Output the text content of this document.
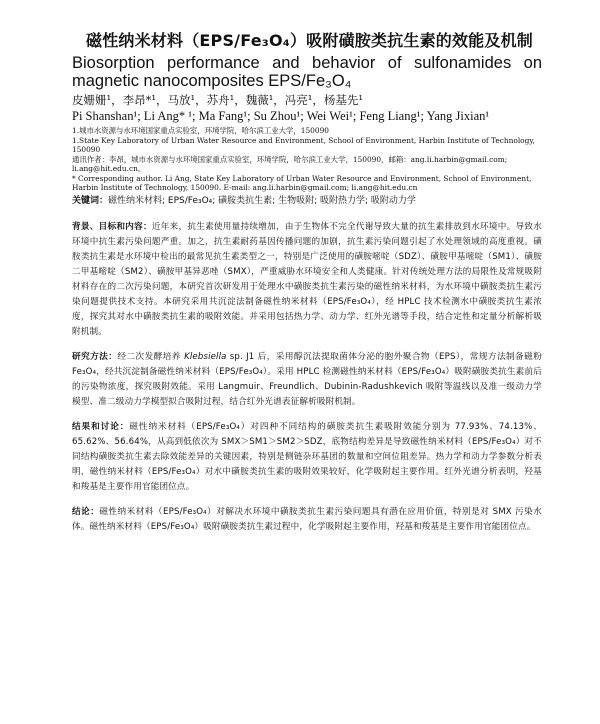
磁性纳米材料（EPS/Fe₃O₄）吸附磺胺类抗生素的效能及机制
Biosorption performance and behavior of sulfonamides on magnetic nanocomposites EPS/Fe₃O₄
皮姗姗¹，李昂*¹，马放¹，苏舟¹，魏薇¹，冯亮¹，杨基先¹
Pi Shanshan¹; Li Ang* ¹; Ma Fang¹; Su Zhou¹; Wei Wei¹; Feng Liang¹; Yang Jixian¹

1.城市水资源与水环境国家重点实验室，环境学院，哈尔滨工业大学，150090

1.State Key Laboratory of Urban Water Resource and Environment, School of Environment, Harbin Institute of Technology, 150090

通讯作者：李昂，城市水资源与水环境国家重点实验室，环境学院，哈尔滨工业大学，150090，邮箱：ang.li.harbin@gmail.com; li.ang@hit.edu.cn。

* Corresponding author. Li Ang, State Key Laboratory of Urban Water Resource and Environment, School of Environment, Harbin Institute of Technology, 150090. E-mail: ang.li.harbin@gmail.com; li.ang@hit.edu.cn

关键词：磁性纳米材料; EPS/Fe₃O₄; 磺胺类抗生素; 生物吸附; 吸附热力学; 吸附动力学

背景、目标和内容：近年来，抗生素使用量持续增加，由于生物体不完全代谢导致大量的抗生素排放到水环境中。导致水环境中抗生素污染问题严重。加之，抗生素耐药基因传播问题的加剧，抗生素污染问题引起了水处理领域的高度重视。磺胺类抗生素是水环境中检出的最常见抗生素类型之一，特别是广泛使用的磺胺嘧啶（SDZ）、磺胺甲基嘧啶（SM1）、磺胺二甲基嘧啶（SM2）、磺胺甲基异恶唑（SMX），严重威胁水环境安全和人类健康。针对传统处理方法的局限性及常规吸附材料存在的二次污染问题，本研究首次研发用于处理水中磺胺类抗生素污染的磁性纳米材料，为水环境中磺胺类抗生素污染问题提供技术支持。本研究采用共沉淀法制备磁性纳米材料（EPS/Fe₃O₄），经 HPLC 技术检测水中磺胺类抗生素浓度，探究其对水中磺胺类抗生素的吸附效能。并采用包括热力学、动力学、红外光谱等手段，结合定性和定量分析解析吸附机制。

研究方法：经二次发酵培养 Klebsiella sp. J1 后，采用醇沉法提取菌体分泌的胞外聚合物（EPS），常规方法制备磁粉 Fe₃O₄，经共沉淀制备磁性纳米材料（EPS/Fe₃O₄）。采用 HPLC 检测磁性纳米材料（EPS/Fe₃O₄）吸附磺胺类抗生素前后的污染物浓度，探究吸附效能。采用 Langmuir、Freundlich、Dubinin-Radushkevich 吸附等温线以及准一级动力学模型、准二级动力学模型拟合吸附过程，结合红外光谱表征解析吸附机制。

结果和讨论：磁性纳米材料（EPS/Fe₃O₄）对四种不同结构的磺胺类抗生素吸附效能分别为 77.93%、74.13%、65.62%、56.64%，从高到低依次为 SMX＞SM1＞SM2＞SDZ，底物结构差异是导致磁性纳米材料（EPS/Fe₃O₄）对不同结构磺胺类抗生素去除效能差异的关键因素，特别是侧链杂环基团的数量和空间位阻差异。热力学和动力学参数分析表明，磁性纳米材料（EPS/Fe₃O₄）对水中磺胺类抗生素的吸附效果较好，化学吸附起主要作用。红外光谱分析表明，羟基和羧基是主要作用官能团位点。

结论：磁性纳米材料（EPS/Fe₃O₄）对解决水环境中磺胺类抗生素污染问题具有潜在应用价值，特别是对 SMX 污染水体。磁性纳米材料（EPS/Fe₃O₄）吸附磺胺类抗生素过程中，化学吸附起主要作用，羟基和羧基是主要作用官能团位点。
